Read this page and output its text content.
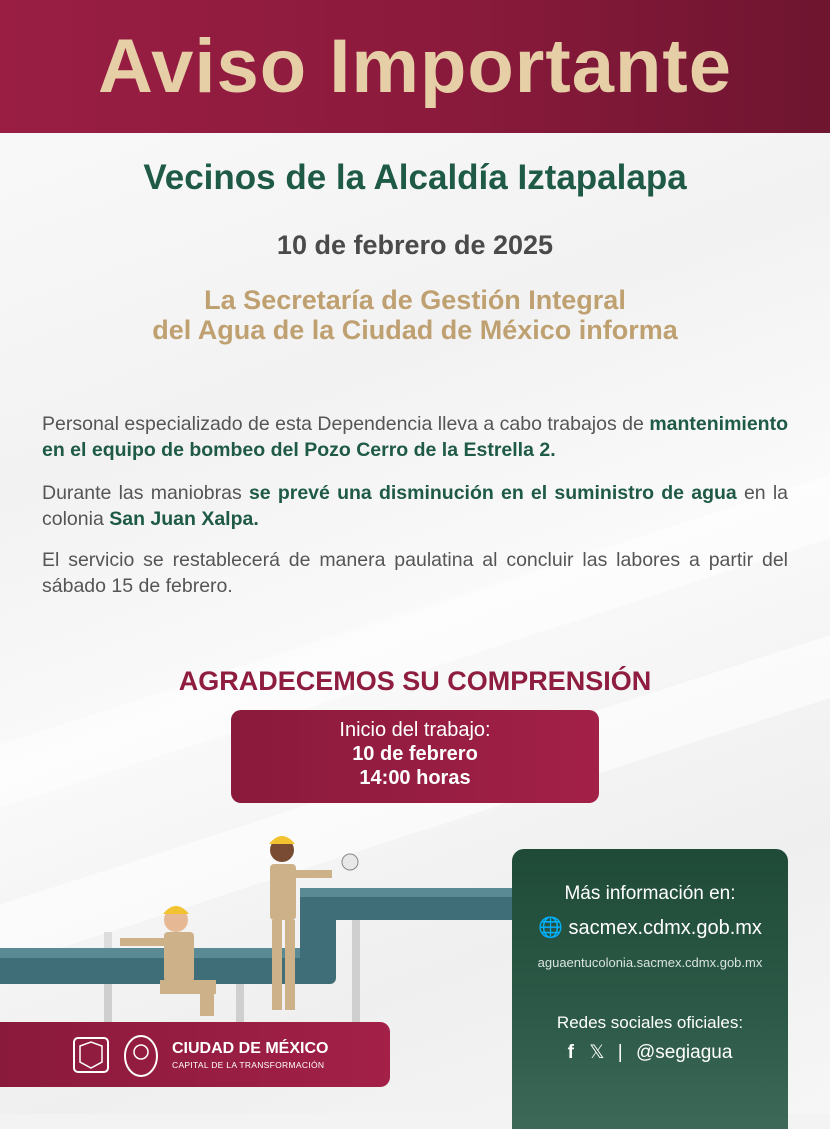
Aviso Importante
Vecinos de la Alcaldía Iztapalapa
10 de febrero de 2025
La Secretaría de Gestión Integral
del Agua de la Ciudad de México informa
Personal especializado de esta Dependencia lleva a cabo trabajos de mantenimiento en el equipo de bombeo del Pozo Cerro de la Estrella 2.
Durante las maniobras se prevé una disminución en el suministro de agua en la colonia San Juan Xalpa.
El servicio se restablecerá de manera paulatina al concluir las labores a partir del sábado 15 de febrero.
AGRADECEMOS SU COMPRENSIÓN
Inicio del trabajo:
10 de febrero
14:00 horas
Más información en:
🌐 sacmex.cdmx.gob.mx
aguaentucolonia.sacmex.cdmx.gob.mx
Redes sociales oficiales:
f 𝕏 | @segiagua
CIUDAD DE MÉXICO
CAPITAL DE LA TRANSFORMACIÓN
